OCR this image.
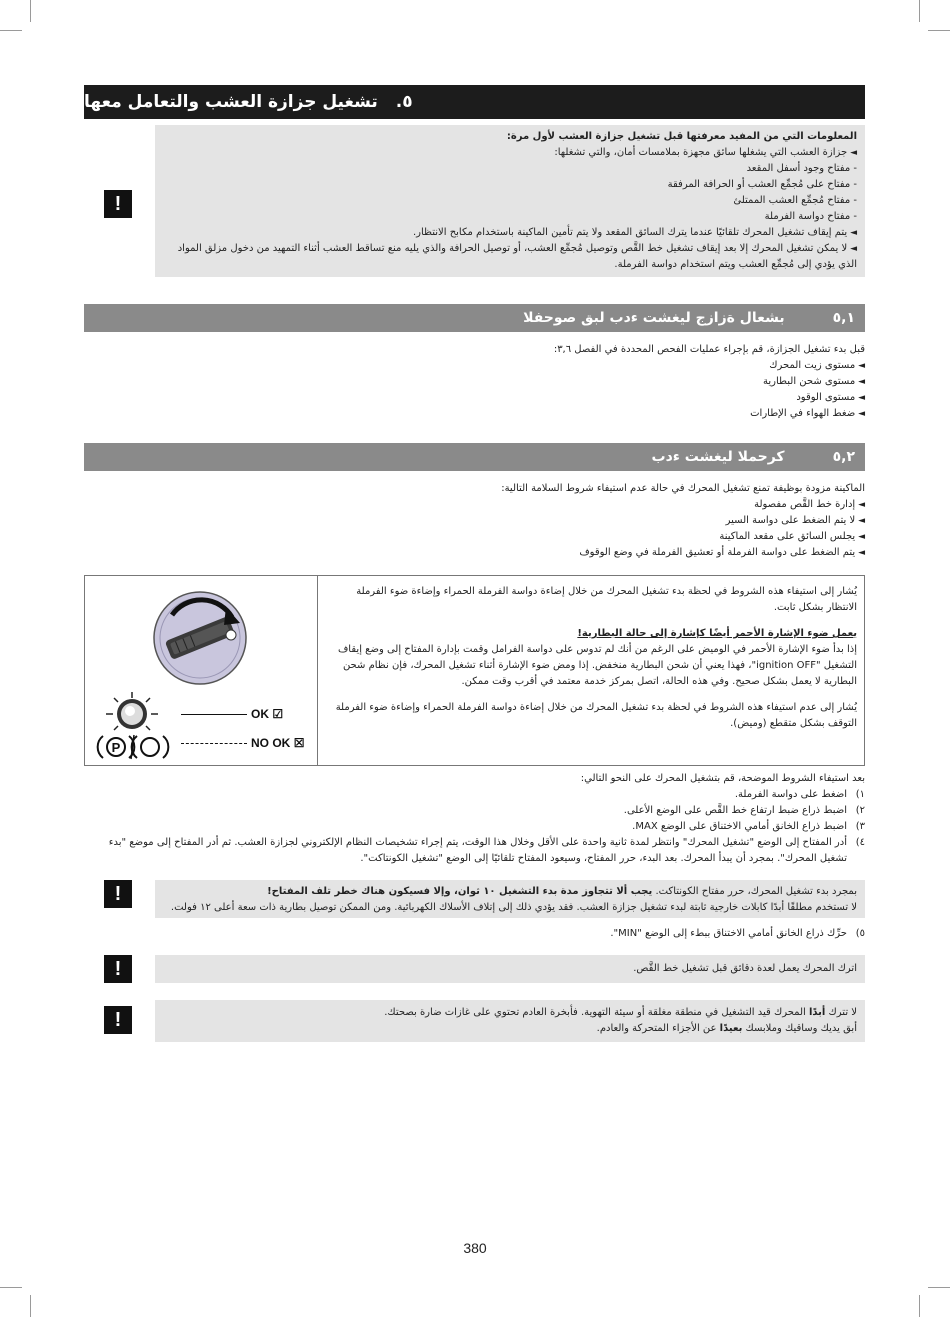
٥.
تشغيل جزازة العشب والتعامل معها
!
المعلومات التي من المفيد معرفتها قبل تشغيل جزازة العشب لأول مرة:
◄ جزازة العشب التي يشغلها سائق مجهزة بملامسات أمان، والتي تشغلها:
- مفتاح وجود أسفل المقعد
- مفتاح على مُجمِّع العشب أو الحرافة المرفقة
- مفتاح مُجمِّع العشب الممتلئ
- مفتاح دواسة الفرملة
◄ يتم إيقاف تشغيل المحرك تلقائيًا عندما يترك السائق المقعد ولا يتم تأمين الماكينة باستخدام مكابح الانتظار.
◄ لا يمكن تشغيل المحرك إلا بعد إيقاف تشغيل خط القَّص وتوصيل مُجمِّع العشب، أو توصيل الحرافة والذي يليه منع تساقط العشب أثناء التمهيد من دخول مزلق المواد
الذي يؤدي إلى مُجمِّع العشب ويتم استخدام دواسة الفرملة.
٥,١
بشعال ةزازج ليغشت ءدب لبق صوحفلا
قبل بدء تشغيل الجزازة، قم بإجراء عمليات الفحص المحددة في الفصل ٣,٦:
◄ مستوى زيت المحرك
◄ مستوى شحن البطارية
◄ مستوى الوقود
◄ ضغط الهواء في الإطارات
٥,٢
كرحملا ليغشت ءدب
الماكينة مزودة بوظيفة تمنع تشغيل المحرك في حالة عدم استيفاء شروط السلامة التالية:
◄ إدارة خط القَّص مفصولة
◄ لا يتم الضغط على دواسة السير
◄ يجلس السائق على مقعد الماكينة
◄ يتم الضغط على دواسة الفرملة أو تعشيق الفرملة في وضع الوقوف
P
OK ☑
NO OK ☒

يُشار إلى استيفاء هذه الشروط في لحظة بدء تشغيل المحرك من خلال إضاءة دواسة الفرملة الحمراء وإضاءة ضوء الفرملة الانتظار بشكل ثابت.

يعمل ضوء الإشارة الأحمر أيضًا كإشارة إلى حالة البطارية!

إذا بدأ ضوء الإشارة الأحمر في الوميض على الرغم من أنك لم تدوس على دواسة الفرامل وقمت بإدارة المفتاح إلى وضع إيقاف التشغيل "ignition OFF"، فهذا يعني أن شحن البطارية منخفض. إذا ومض ضوء الإشارة أثناء تشغيل المحرك، فإن نظام شحن البطارية لا يعمل بشكل صحيح. وفي هذه الحالة، اتصل بمركز خدمة معتمد في أقرب وقت ممكن.

يُشار إلى عدم استيفاء هذه الشروط في لحظة بدء تشغيل المحرك من خلال إضاءة دواسة الفرملة الحمراء وإضاءة ضوء الفرملة التوقف بشكل متقطع (وميض).

بعد استيفاء الشروط الموضحة، قم بتشغيل المحرك على النحو التالي:
١)
اضغط على دواسة الفرملة.
٢)
اضبط ذراع ضبط ارتفاع خط القَّص على الوضع الأعلى.
٣)
اضبط ذراع الخانق أمامي الاختناق على الوضع MAX.
٤)
أدر المفتاح إلى الوضع "تشغيل المحرك" وانتظر لمدة ثانية واحدة على الأقل وخلال هذا الوقت، يتم إجراء تشخيصات النظام الإلكتروني لجزازة العشب. ثم أدر المفتاح إلى موضع "بدء
تشغيل المحرك". بمجرد أن يبدأ المحرك. بعد البدء، حرر المفتاح، وسيعود المفتاح تلقائيًا إلى الوضع "تشغيل الكونتاكت".
!	بمجرد بدء تشغيل المحرك، حرر مفتاح الكونتاكت. يجب ألا تتجاوز مدة بدء التشغيل ١٠ ثوان، وإلا فسيكون هناك خطر تلف المفتاح!
لا تستخدم مطلقًا أبدًا كابلات خارجية ثابتة لبدء تشغيل جزازة العشب. فقد يؤدي ذلك إلى إتلاف الأسلاك الكهربائية. ومن الممكن توصيل بطارية ذات سعة أعلى ١٢ فولت.
٥)
حرِّك ذراع الخانق أمامي الاختناق ببطء إلى الوضع "MIN".
!	اترك المحرك يعمل لعدة دقائق قبل تشغيل خط القَّص.
!	لا تترك أبدًا المحرك قيد التشغيل في منطقة مغلقة أو سيئة التهوية. فأبخرة العادم تحتوي على غازات ضارة بصحتك.
أبق يديك وساقيك وملابسك بعيدًا عن الأجزاء المتحركة والعادم.
380
